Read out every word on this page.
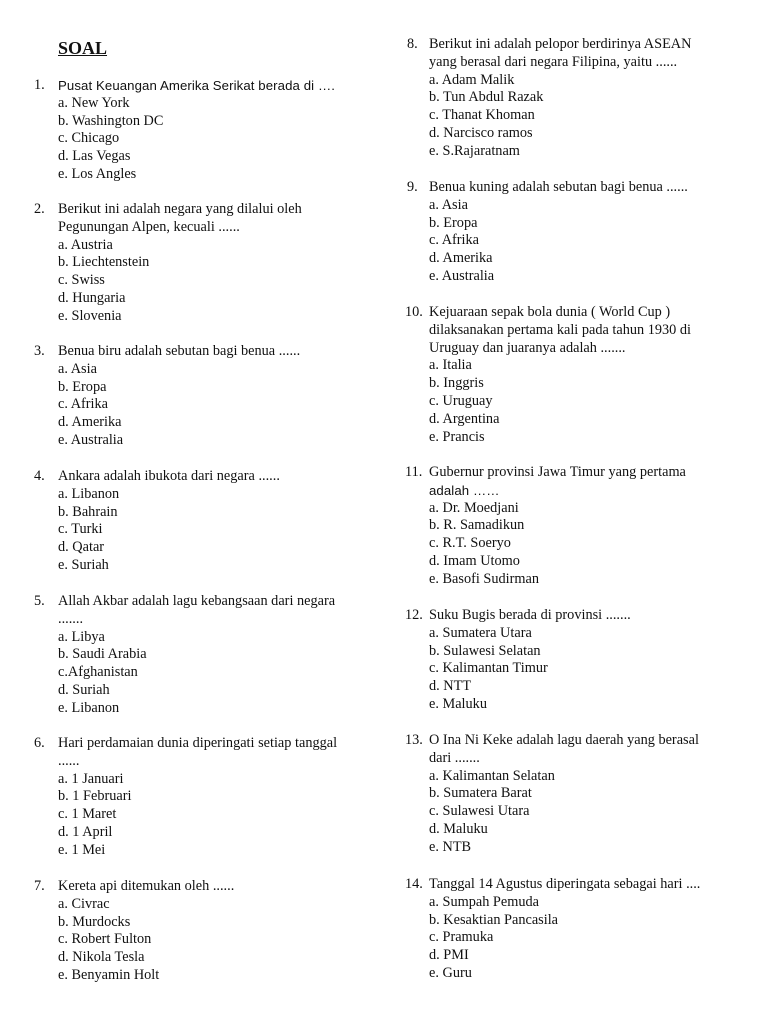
SOAL
1. Pusat Keuangan Amerika Serikat berada di ….
a. New York
b. Washington DC
c. Chicago
d. Las Vegas
e. Los Angles
2. Berikut ini adalah negara yang dilalui oleh
Pegunungan Alpen, kecuali ......
a. Austria
b. Liechtenstein
c. Swiss
d. Hungaria
e. Slovenia
3. Benua biru adalah sebutan bagi benua ......
a. Asia
b. Eropa
c. Afrika
d. Amerika
e. Australia
4. Ankara adalah ibukota dari negara ......
a. Libanon
b. Bahrain
c. Turki
d. Qatar
e. Suriah
5. Allah Akbar adalah lagu kebangsaan dari negara
.......
a. Libya
b. Saudi Arabia
c.Afghanistan
d. Suriah
e. Libanon
6. Hari perdamaian dunia diperingati setiap tanggal
......
a. 1 Januari
b. 1 Februari
c. 1 Maret
d. 1 April
e. 1 Mei
7. Kereta api ditemukan oleh ......
a. Civrac
b. Murdocks
c. Robert Fulton
d. Nikola Tesla
e. Benyamin Holt
8. Berikut ini adalah pelopor berdirinya ASEAN
yang berasal dari negara Filipina, yaitu ......
a. Adam Malik
b. Tun Abdul Razak
c. Thanat Khoman
d. Narcisco ramos
e. S.Rajaratnam
9. Benua kuning adalah sebutan bagi benua ......
a. Asia
b. Eropa
c. Afrika
d. Amerika
e. Australia
10. Kejuaraan sepak bola dunia ( World Cup )
dilaksanakan pertama kali pada tahun 1930 di
Uruguay dan juaranya adalah .......
a. Italia
b. Inggris
c. Uruguay
d. Argentina
e. Prancis
11. Gubernur provinsi Jawa Timur yang pertama
adalah ……
a. Dr. Moedjani
b. R. Samadikun
c. R.T. Soeryo
d. Imam Utomo
e. Basofi Sudirman
12. Suku Bugis berada di provinsi .......
a. Sumatera Utara
b. Sulawesi Selatan
c. Kalimantan Timur
d. NTT
e. Maluku
13. O Ina Ni Keke adalah lagu daerah yang berasal
dari .......
a. Kalimantan Selatan
b. Sumatera Barat
c. Sulawesi Utara
d. Maluku
e. NTB
14. Tanggal 14 Agustus diperingata sebagai hari ....
a. Sumpah Pemuda
b. Kesaktian Pancasila
c. Pramuka
d. PMI
e. Guru
